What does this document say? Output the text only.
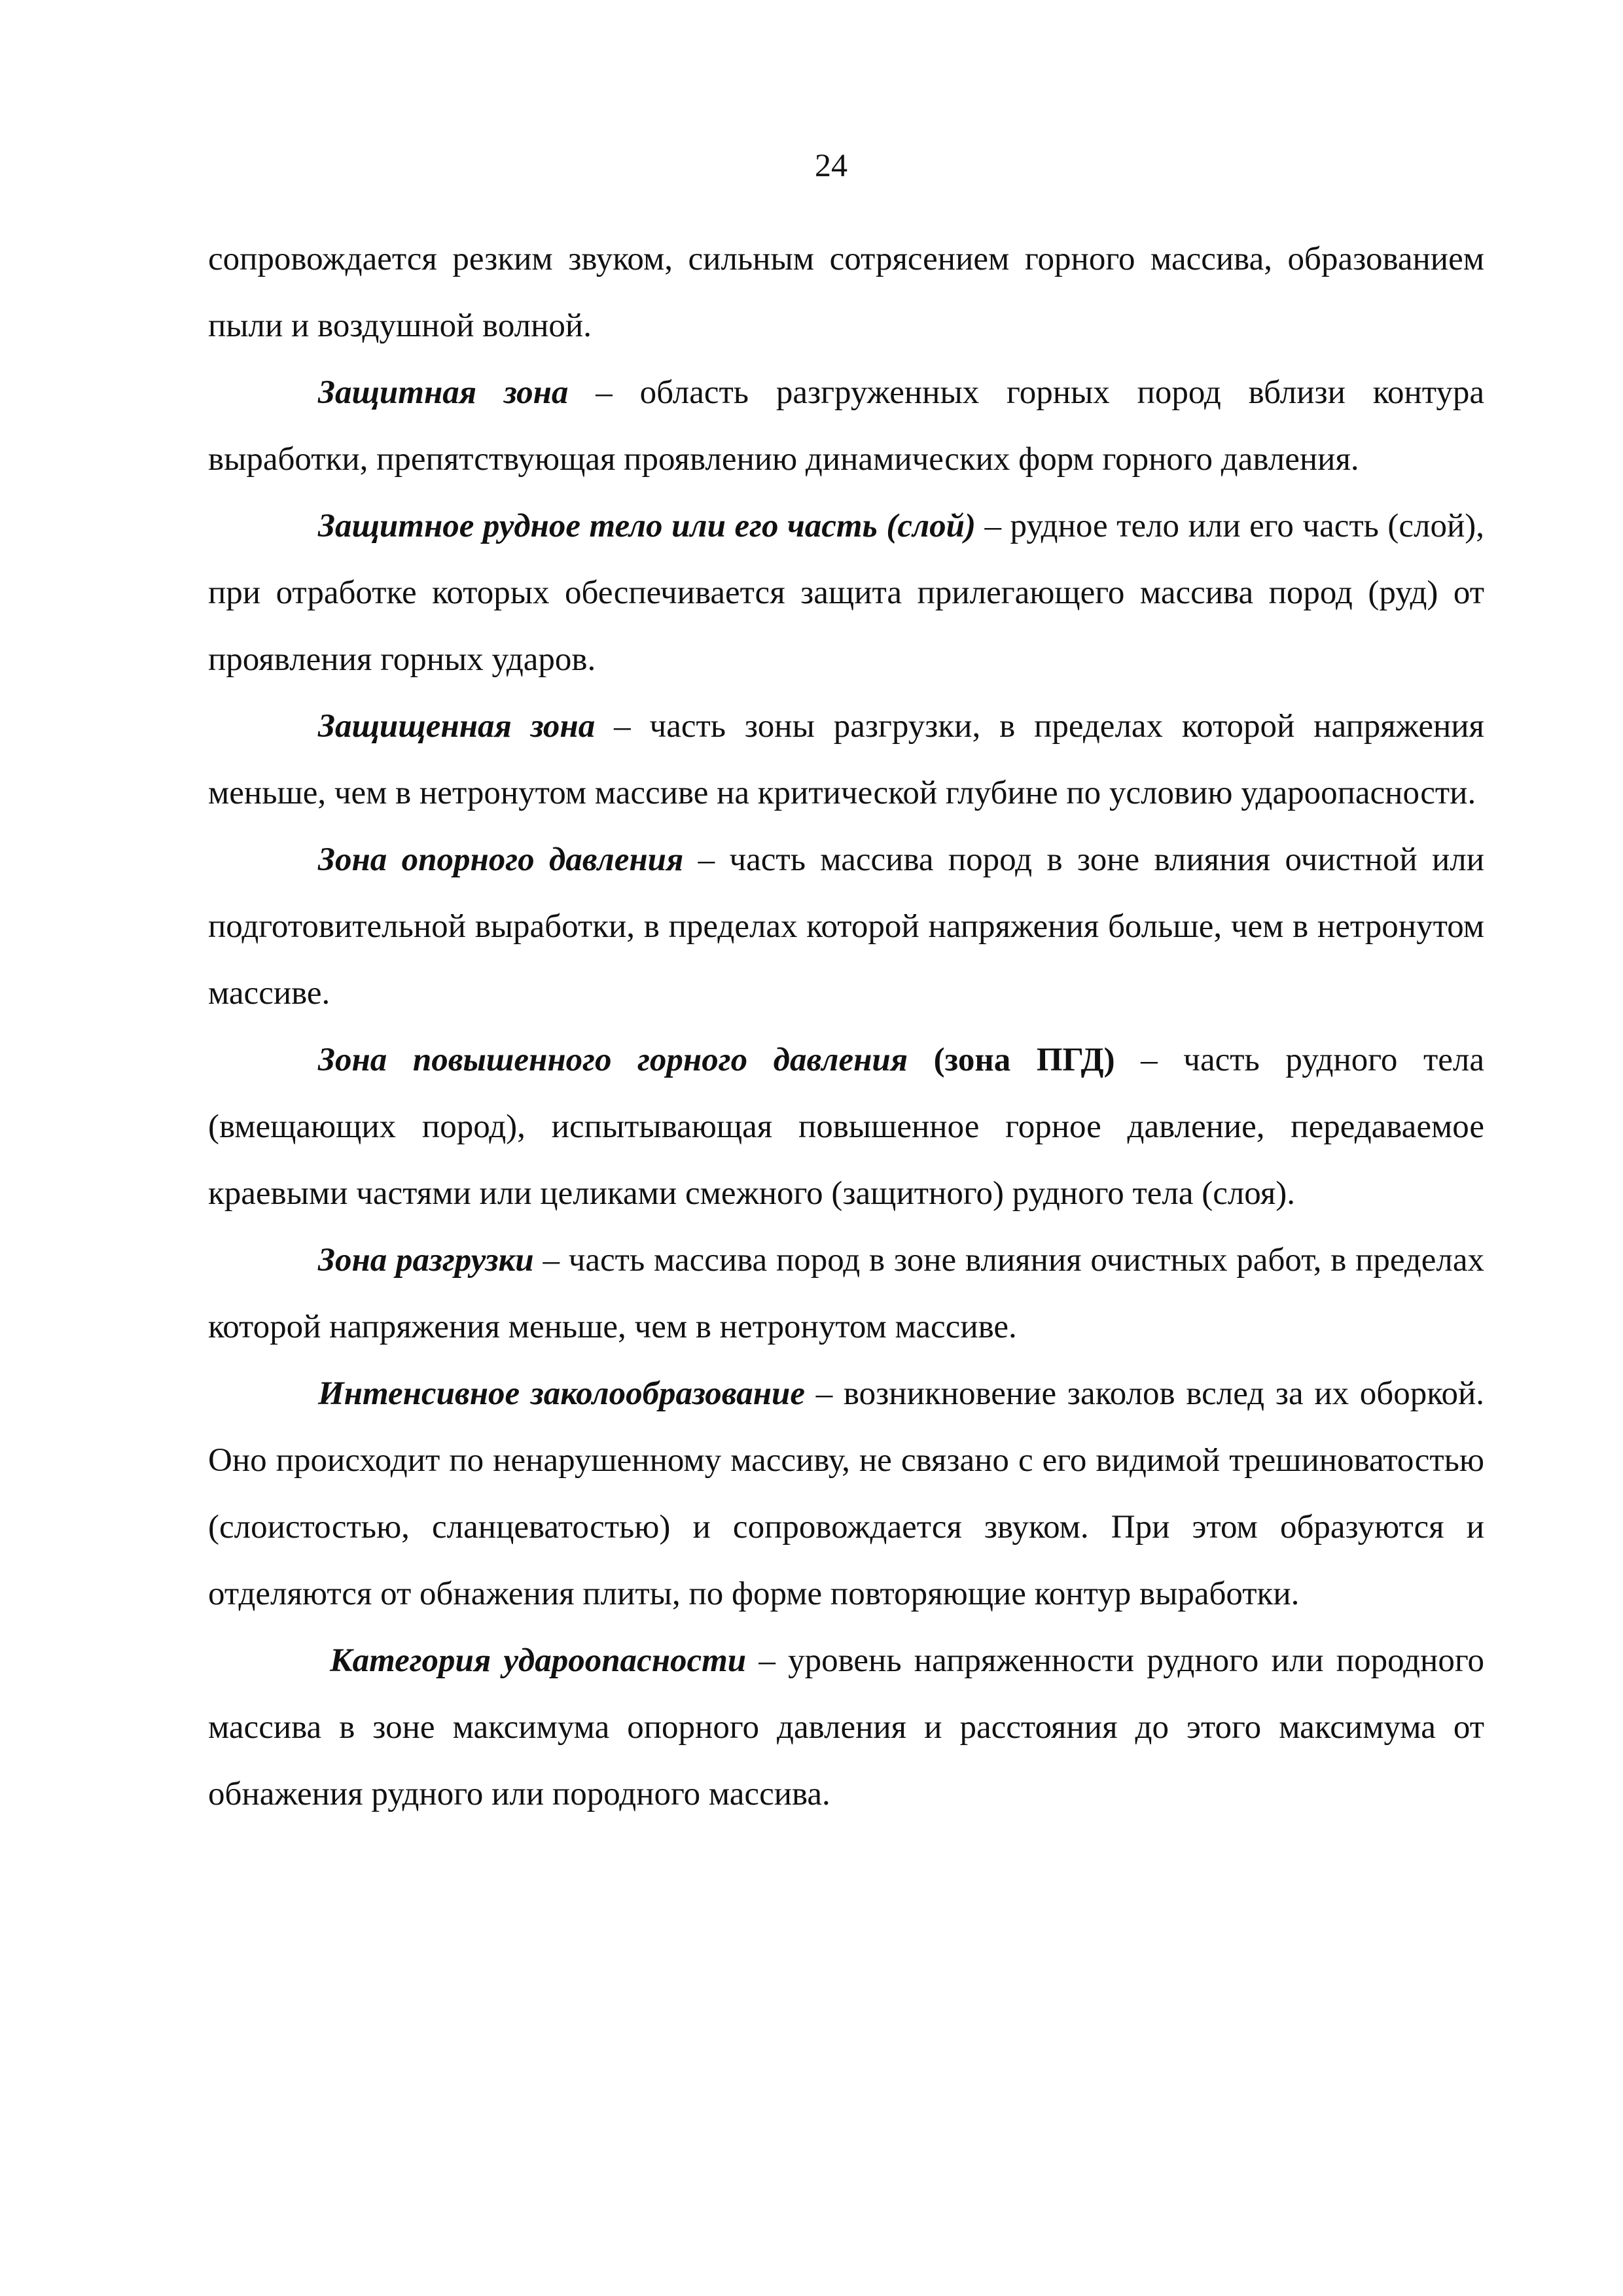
24

сопровождается резким звуком, сильным сотрясением горного массива, образованием пыли и воздушной волной.

Защитная зона – область разгруженных горных пород вблизи контура выработки, препятствующая проявлению динамических форм горного давления.

Защитное рудное тело или его часть (слой) – рудное тело или его часть (слой), при отработке которых обеспечивается защита прилегающего массива пород (руд) от проявления горных ударов.

Защищенная зона – часть зоны разгрузки, в пределах которой напряжения меньше, чем в нетронутом массиве на критической глубине по условию удароопасности.

Зона опорного давления – часть массива пород в зоне влияния очистной или подготовительной выработки, в пределах которой напряжения больше, чем в нетронутом массиве.

Зона повышенного горного давления (зона ПГД) – часть рудного тела (вмещающих пород), испытывающая повышенное горное давление, передаваемое краевыми частями или целиками смежного (защитного) рудного тела (слоя).

Зона разгрузки – часть массива пород в зоне влияния очистных работ, в пределах которой напряжения меньше, чем в нетронутом массиве.

Интенсивное заколообразование – возникновение заколов вслед за их оборкой. Оно происходит по ненарушенному массиву, не связано с его видимой трешиноватостью (слоистостью, сланцеватостью) и сопровождается звуком. При этом образуются и отделяются от обнажения плиты, по форме повторяющие контур выработки.

Категория удароопасности – уровень напряженности рудного или породного массива в зоне максимума опорного давления и расстояния до этого максимума от обнажения рудного или породного массива.
